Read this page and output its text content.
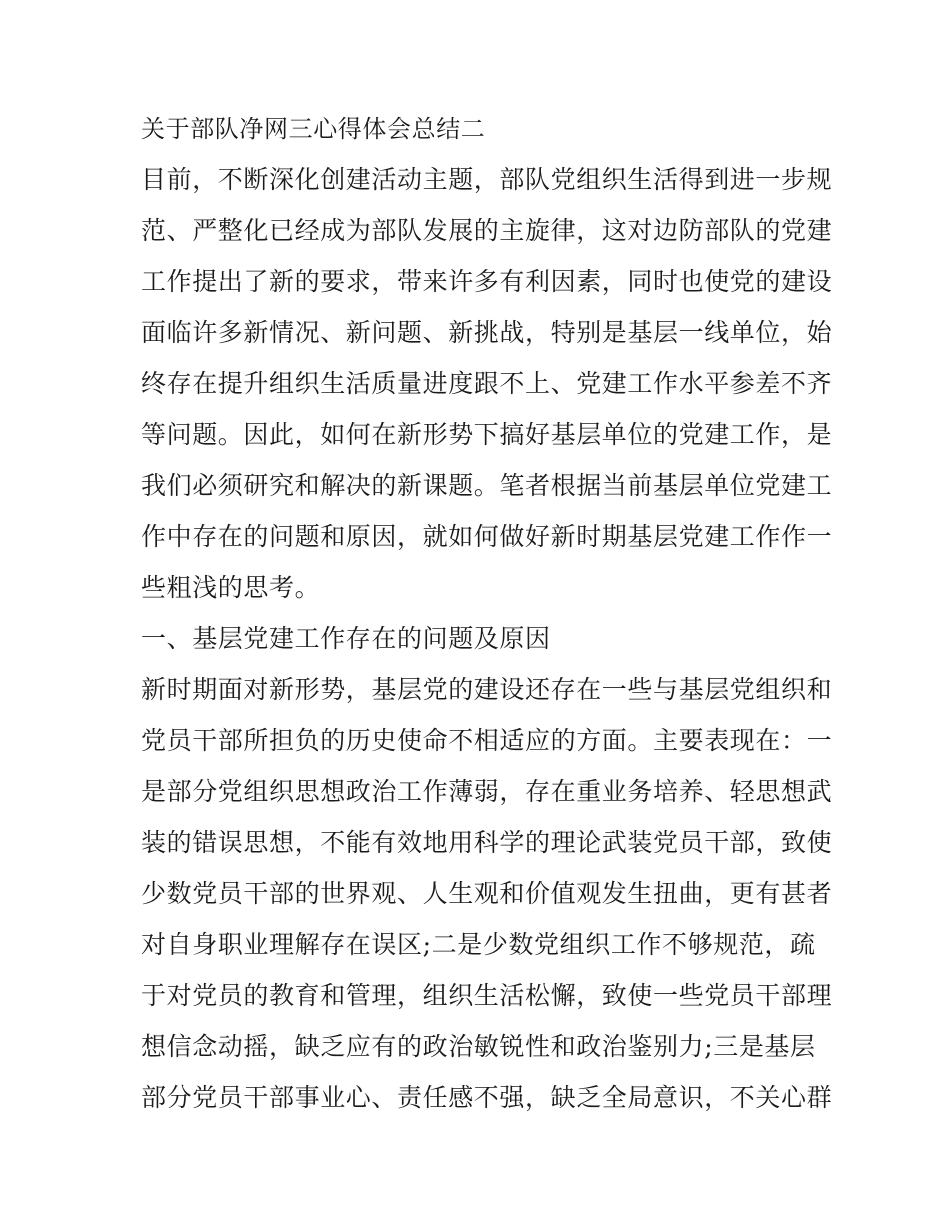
关于部队净网三心得体会总结二
目前，不断深化创建活动主题，部队党组织生活得到进一步规
范、严整化已经成为部队发展的主旋律，这对边防部队的党建
工作提出了新的要求，带来许多有利因素，同时也使党的建设
面临许多新情况、新问题、新挑战，特别是基层一线单位，始
终存在提升组织生活质量进度跟不上、党建工作水平参差不齐
等问题。因此，如何在新形势下搞好基层单位的党建工作，是
我们必须研究和解决的新课题。笔者根据当前基层单位党建工
作中存在的问题和原因，就如何做好新时期基层党建工作作一
些粗浅的思考。
一、基层党建工作存在的问题及原因
新时期面对新形势，基层党的建设还存在一些与基层党组织和
党员干部所担负的历史使命不相适应的方面。主要表现在：一
是部分党组织思想政治工作薄弱，存在重业务培养、轻思想武
装的错误思想，不能有效地用科学的理论武装党员干部，致使
少数党员干部的世界观、人生观和价值观发生扭曲，更有甚者
对自身职业理解存在误区;二是少数党组织工作不够规范，疏
于对党员的教育和管理，组织生活松懈，致使一些党员干部理
想信念动摇，缺乏应有的政治敏锐性和政治鉴别力;三是基层
部分党员干部事业心、责任感不强，缺乏全局意识，不关心群
